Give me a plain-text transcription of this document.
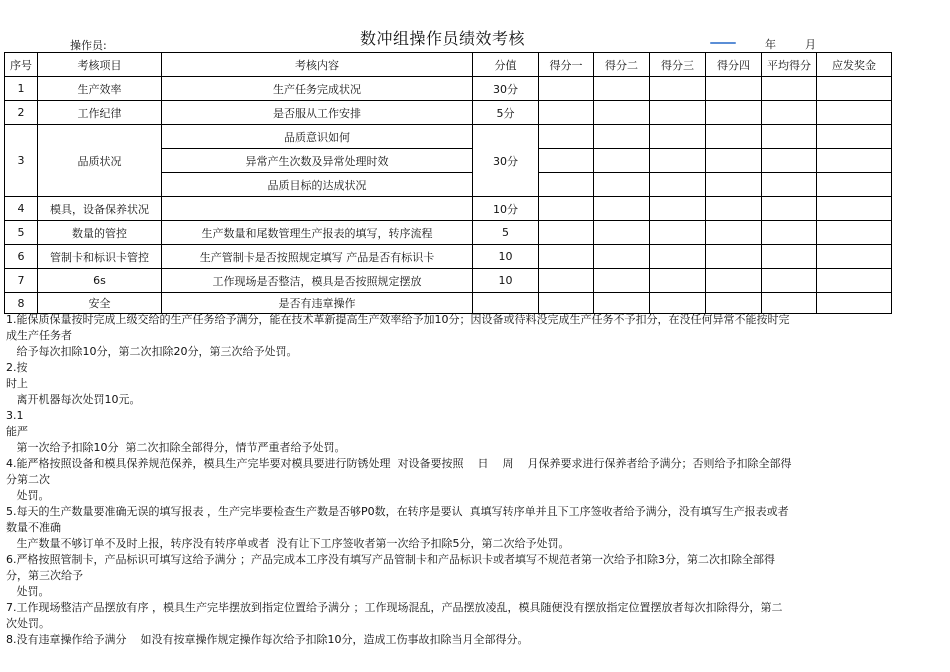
数冲组操作员绩效考核
操作员:	年	月
序号	考核项目	考核内容	分值	得分一	得分二	得分三	得分四	平均得分	应发奖金
1	生产效率	生产任务完成状况	30分						
2	工作纪律	是否服从工作安排	5分						
3	品质状况	品质意识如何	30分						
		异常产生次数及异常处理时效							
		品质目标的达成状况							
4	模具，设备保养状况		10分						
5	数量的管控	生产数量和尾数管理生产报表的填写，转序流程	5						
6	管制卡和标识卡管控	生产管制卡是否按照规定填写 产品是否有标识卡	10						
7	6s	工作现场是否整洁，模具是否按照规定摆放	10						
8	安全	是否有违章操作							
1.能保质保量按时完成上级交给的生产任务给予满分，能在技术革新提高生产效率给予加10分；因设备或待料没完成生产任务不予扣分，在没任何异常不能按时完
成生产任务者
给予每次扣除10分，第二次扣除20分，第三次给予处罚。
2.按
时上
离开机器每次处罚10元。
3.1
能严
第一次给予扣除10分  第二次扣除全部得分，情节严重者给予处罚。
4.能严格按照设备和模具保养规范保养，模具生产完毕要对模具要进行防锈处理  对设备要按照    日    周    月保养要求进行保养者给予满分；否则给予扣除全部得
分第二次
处罚。
5.每天的生产数量要准确无误的填写报表 ，生产完毕要检查生产数是否够P0数，在转序是要认  真填写转序单并且下工序签收者给予满分，没有填写生产报表或者
数量不准确
生产数量不够订单不及时上报，转序没有转序单或者  没有让下工序签收者第一次给予扣除5分，第二次给予处罚。
6.严格按照管制卡，产品标识可填写这给予满分 ；产品完成本工序没有填写产品管制卡和产品标识卡或者填写不规范者第一次给予扣除3分，第二次扣除全部得
分，第三次给予
处罚。
7.工作现场整洁产品摆放有序 ，模具生产完毕摆放到指定位置给予满分 ；工作现场混乱，产品摆放凌乱，模具随便没有摆放指定位置摆放者每次扣除得分，第二
次处罚。
8.没有违章操作给予满分    如没有按章操作规定操作每次给予扣除10分，造成工伤事故扣除当月全部得分。
